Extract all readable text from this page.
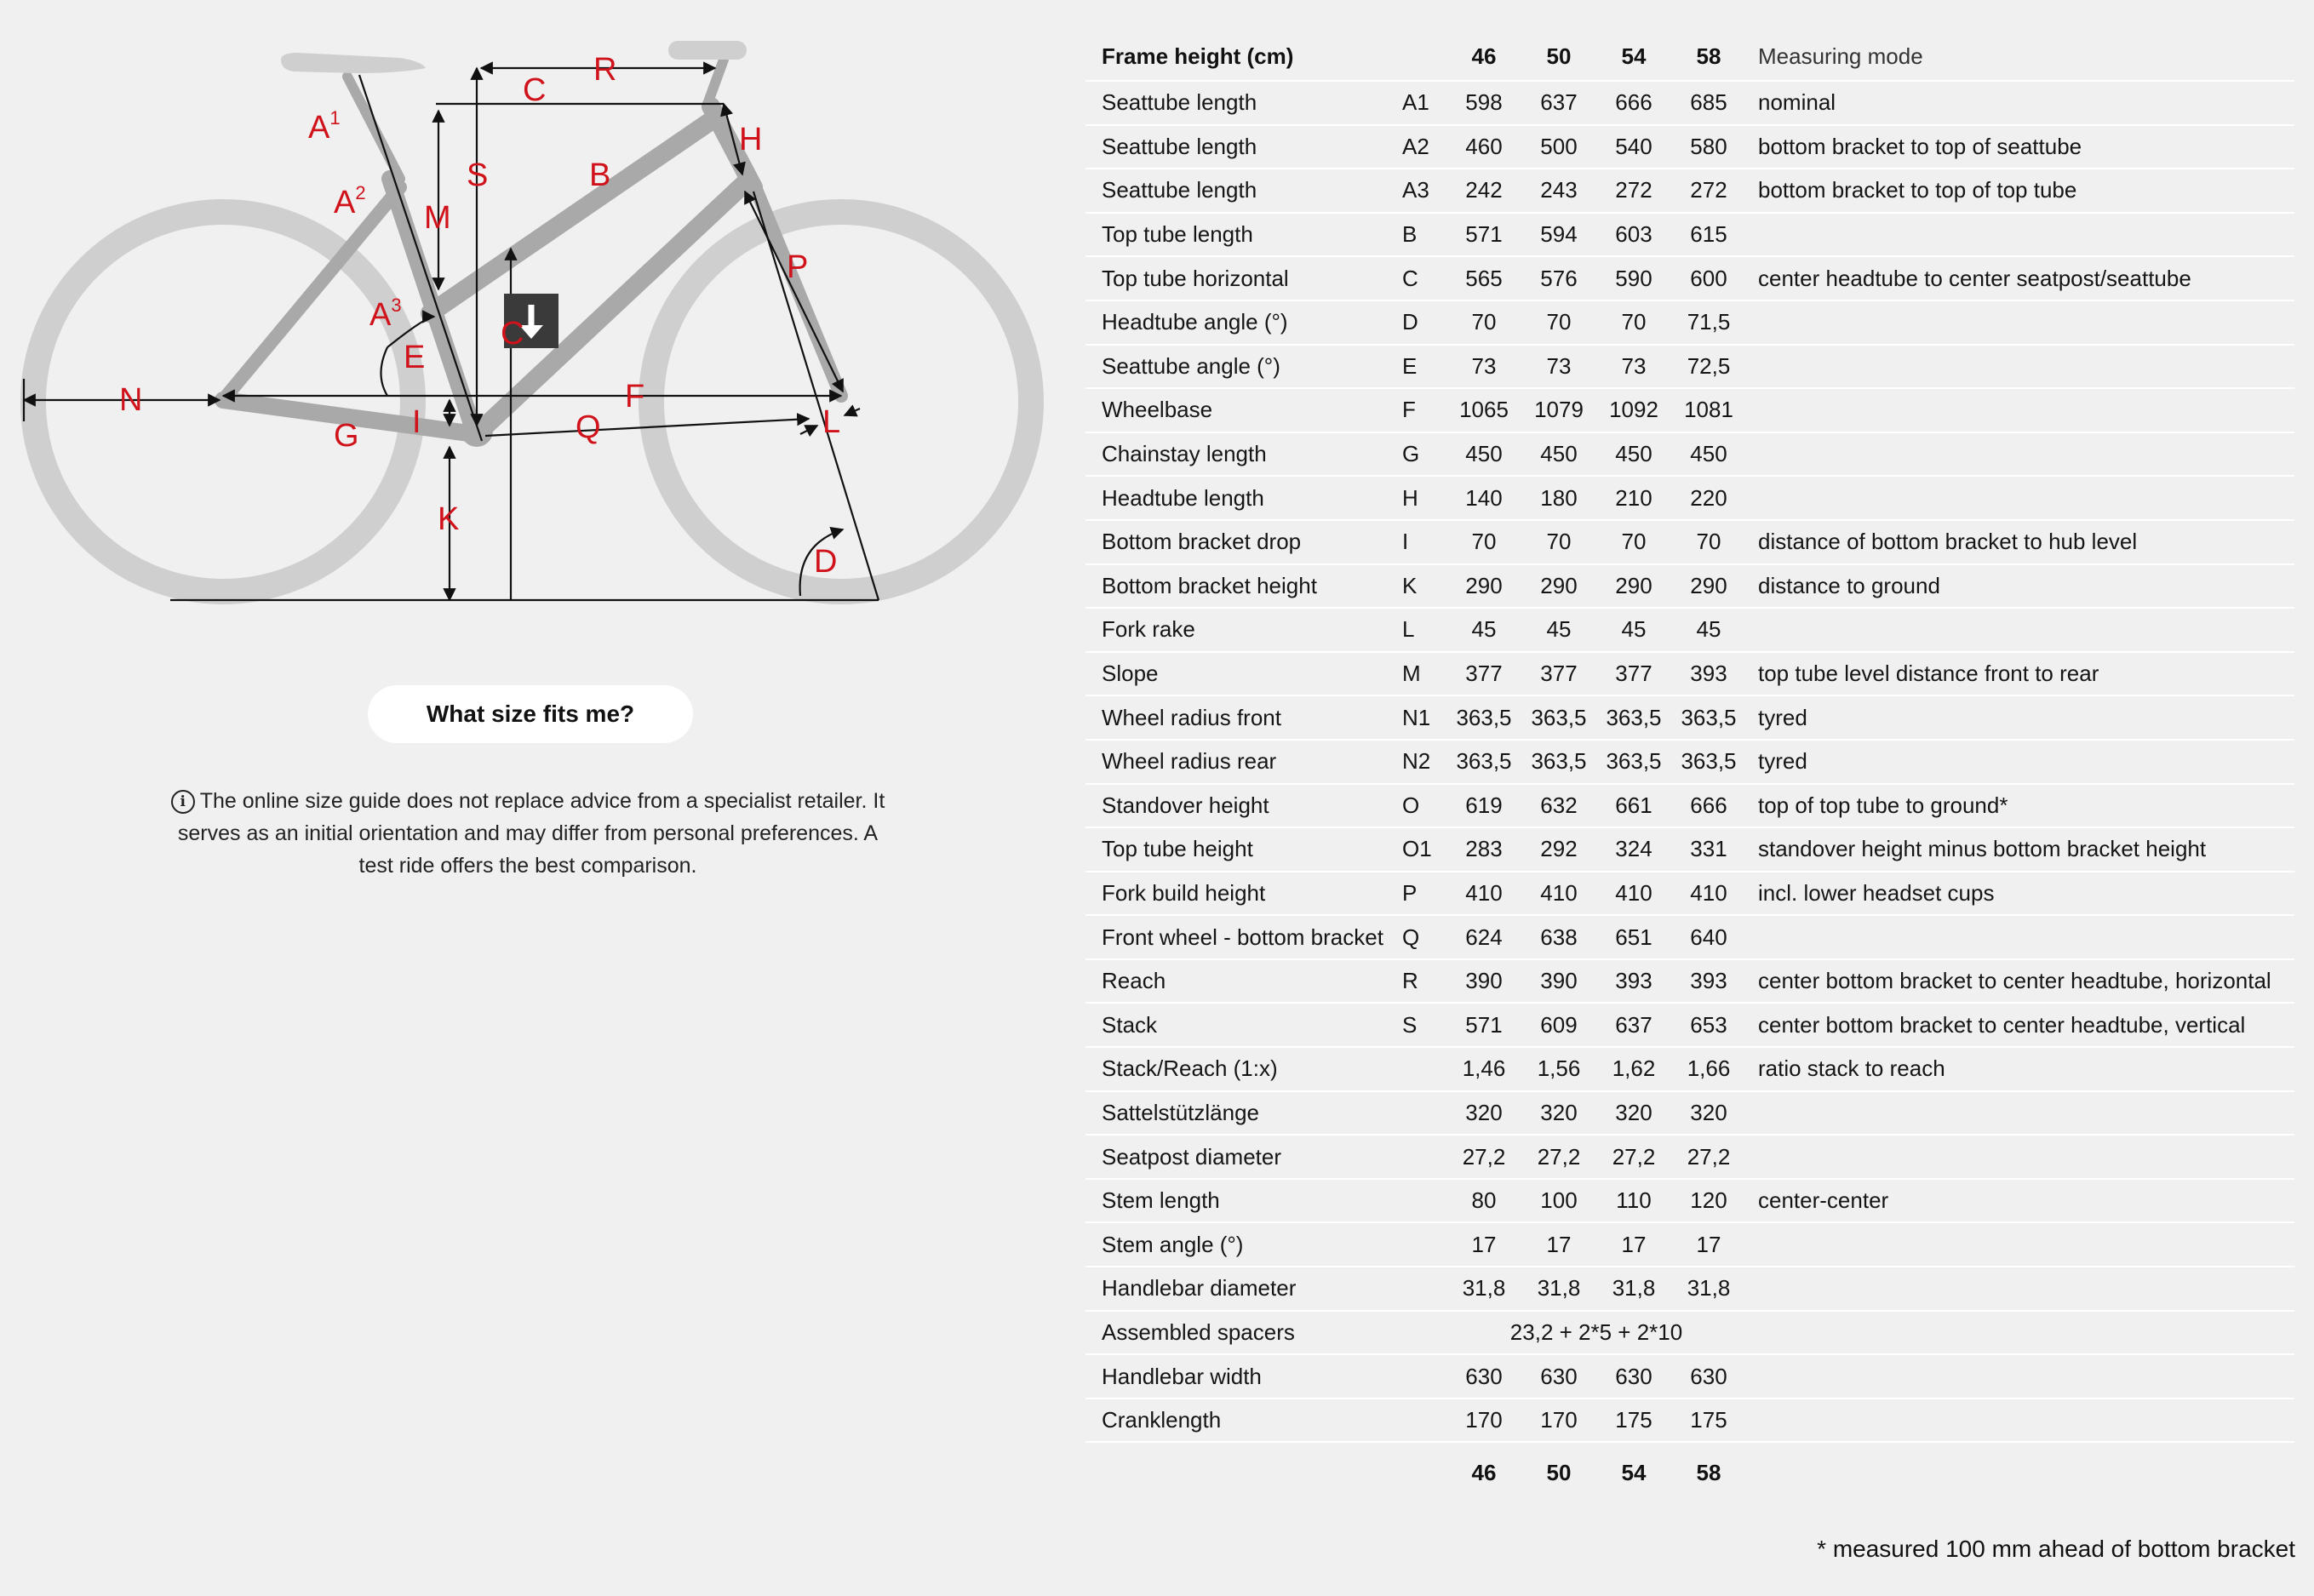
$A^1$
$A^2$
$A^3$
C
R
S
M
B
H
P
C
E
F
N
G I	Q	L
K
D
What size fits me?
i The online size guide does not replace advice from a specialist retailer. It
serves as an initial orientation and may differ from personal preferences. A
test ride offers the best comparison.
Frame height (cm)		46	50	54	58	Measuring mode
Seattube length	A1	598	637	666	685	nominal
Seattube length	A2	460	500	540	580	bottom bracket to top of seattube
Seattube length	A3	242	243	272	272	bottom bracket to top of top tube
Top tube length	B	571	594	603	615	
Top tube horizontal	C	565	576	590	600	center headtube to center seatpost/seattube
Headtube angle (°)	D	70	70	70	71,5	
Seattube angle (°)	E	73	73	73	72,5	
Wheelbase	F	1065	1079	1092	1081	
Chainstay length	G	450	450	450	450	
Headtube length	H	140	180	210	220	
Bottom bracket drop	I	70	70	70	70	distance of bottom bracket to hub level
Bottom bracket height	K	290	290	290	290	distance to ground
Fork rake	L	45	45	45	45	
Slope	M	377	377	377	393	top tube level distance front to rear
Wheel radius front	N1	363,5	363,5	363,5	363,5	tyred
Wheel radius rear	N2	363,5	363,5	363,5	363,5	tyred
Standover height	O	619	632	661	666	top of top tube to ground*
Top tube height	O1	283	292	324	331	standover height minus bottom bracket height
Fork build height	P	410	410	410	410	incl. lower headset cups
Front wheel - bottom bracket	Q	624	638	651	640	
Reach	R	390	390	393	393	center bottom bracket to center headtube, horizontal
Stack	S	571	609	637	653	center bottom bracket to center headtube, vertical
Stack/Reach (1:x)		1,46	1,56	1,62	1,66	ratio stack to reach
Sattelstützlänge		320	320	320	320	
Seatpost diameter		27,2	27,2	27,2	27,2	
Stem length		80	100	110	120	center-center
Stem angle (°)		17	17	17	17	
Handlebar diameter		31,8	31,8	31,8	31,8	
Assembled spacers		23,2 + 2*5 + 2*10				
Handlebar width		630	630	630	630	
Cranklength		170	170	175	175	
		46	50	54	58	
* measured 100 mm ahead of bottom bracket
